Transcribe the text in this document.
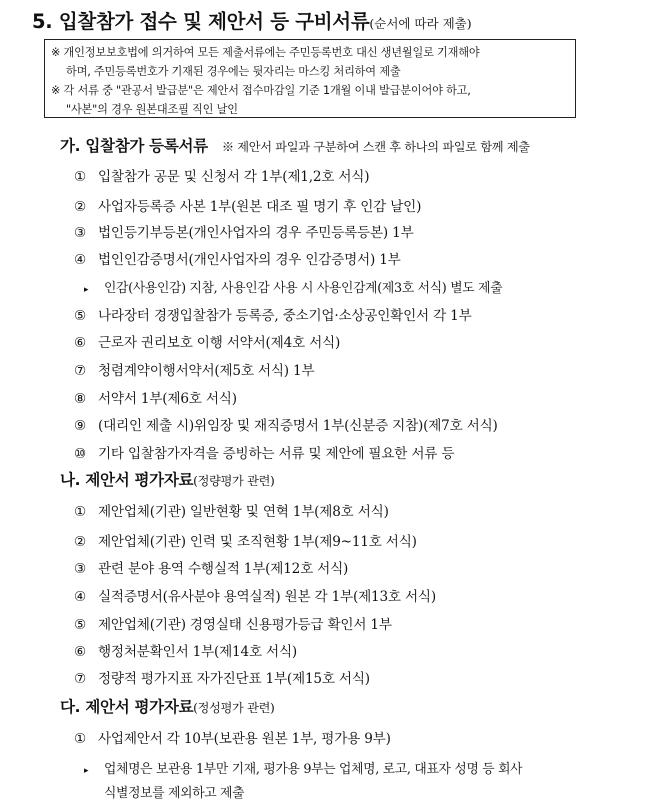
5. 입찰참가 접수 및 제안서 등 구비서류(순서에 따라 제출)
※ 개인정보보호법에 의거하여 모든 제출서류에는 주민등록번호 대신 생년월일로 기재해야
하며, 주민등록번호가 기재된 경우에는 뒷자리는 마스킹 처리하여 제출
※ 각 서류 중 "관공서 발급분"은 제안서 접수마감일 기준 1개월 이내 발급분이어야 하고,
"사본"의 경우 원본대조필 직인 날인
가. 입찰참가 등록서류 ※ 제안서 파일과 구분하여 스캔 후 하나의 파일로 함께 제출
① 입찰참가 공문 및 신청서 각 1부(제1,2호 서식)
② 사업자등록증 사본 1부(원본 대조 필 명기 후 인감 날인)
③ 법인등기부등본(개인사업자의 경우 주민등록등본) 1부
④ 법인인감증명서(개인사업자의 경우 인감증명서) 1부
▸ 인감(사용인감) 지참, 사용인감 사용 시 사용인감계(제3호 서식) 별도 제출
⑤ 나라장터 경쟁입찰참가 등록증, 중소기업·소상공인확인서 각 1부
⑥ 근로자 권리보호 이행 서약서(제4호 서식)
⑦ 청렴계약이행서약서(제5호 서식) 1부
⑧ 서약서 1부(제6호 서식)
⑨ (대리인 제출 시)위임장 및 재직증명서 1부(신분증 지참)(제7호 서식)
⑩ 기타 입찰참가자격을 증빙하는 서류 및 제안에 필요한 서류 등
나. 제안서 평가자료(정량평가 관련)
① 제안업체(기관) 일반현황 및 연혁 1부(제8호 서식)
② 제안업체(기관) 인력 및 조직현황 1부(제9~11호 서식)
③ 관련 분야 용역 수행실적 1부(제12호 서식)
④ 실적증명서(유사분야 용역실적) 원본 각 1부(제13호 서식)
⑤ 제안업체(기관) 경영실태 신용평가등급 확인서 1부
⑥ 행정처분확인서 1부(제14호 서식)
⑦ 정량적 평가지표 자가진단표 1부(제15호 서식)
다. 제안서 평가자료(정성평가 관련)
① 사업제안서 각 10부(보관용 원본 1부, 평가용 9부)
▸ 업체명은 보관용 1부만 기재, 평가용 9부는 업체명, 로고, 대표자 성명 등 회사
식별정보를 제외하고 제출
